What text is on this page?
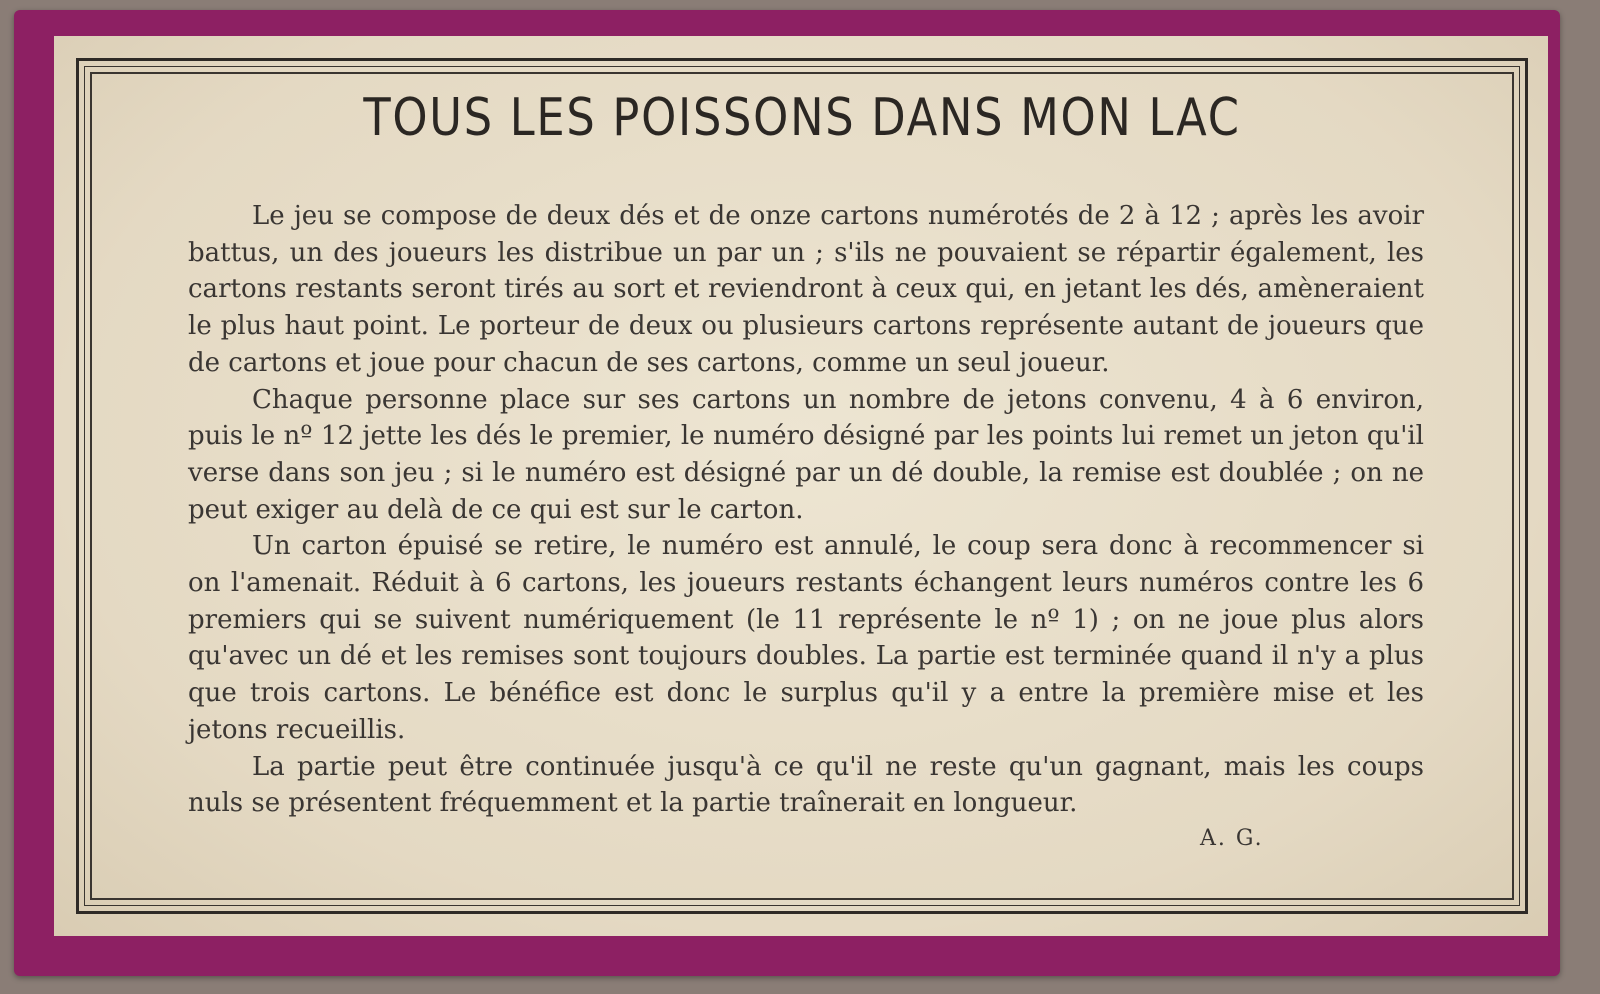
TOUS LES POISSONS DANS MON LAC

Le jeu se compose de deux dés et de onze cartons numérotés de 2 à 12 ; après les avoir battus, un des joueurs les distribue un par un ; s'ils ne pouvaient se répartir également, les cartons restants seront tirés au sort et reviendront à ceux qui, en jetant les dés, amèneraient le plus haut point. Le porteur de deux ou plusieurs cartons représente autant de joueurs que de cartons et joue pour chacun de ses cartons, comme un seul joueur.

Chaque personne place sur ses cartons un nombre de jetons convenu, 4 à 6 environ, puis le nº 12 jette les dés le premier, le numéro désigné par les points lui remet un jeton qu'il verse dans son jeu ; si le numéro est désigné par un dé double, la remise est doublée ; on ne peut exiger au delà de ce qui est sur le carton.

Un carton épuisé se retire, le numéro est annulé, le coup sera donc à recommencer si on l'amenait. Réduit à 6 cartons, les joueurs restants échangent leurs numéros contre les 6 premiers qui se suivent numériquement (le 11 représente le nº 1) ; on ne joue plus alors qu'avec un dé et les remises sont toujours doubles. La partie est terminée quand il n'y a plus que trois cartons. Le bénéfice est donc le surplus qu'il y a entre la première mise et les jetons recueillis.

La partie peut être continuée jusqu'à ce qu'il ne reste qu'un gagnant, mais les coups nuls se présentent fréquemment et la partie traînerait en longueur.

A. G.
